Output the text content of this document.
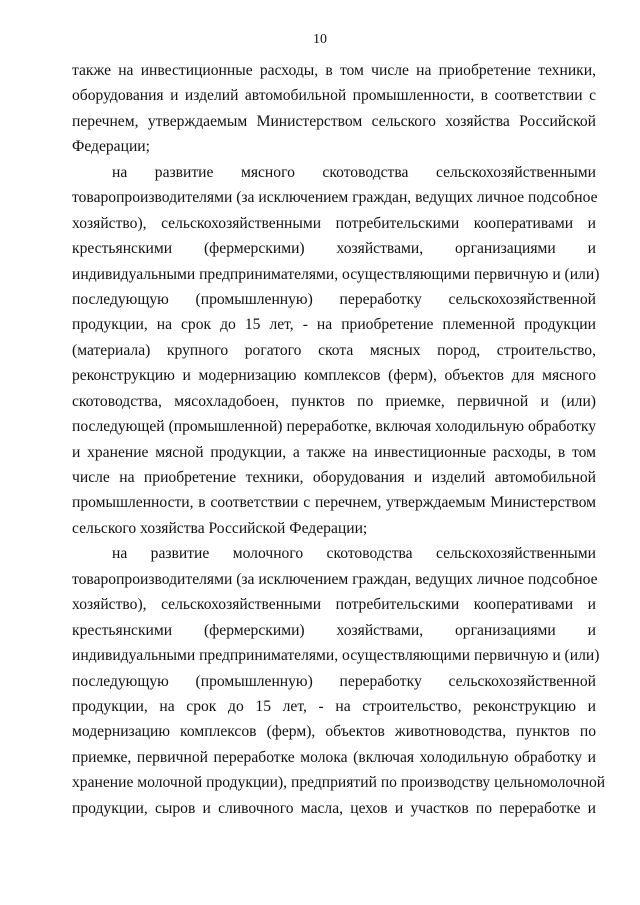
10
также на инвестиционные расходы, в том числе на приобретение техники,
оборудования и изделий автомобильной промышленности, в соответствии с
перечнем, утверждаемым Министерством сельского хозяйства Российской
Федерации;
на развитие мясного скотоводства сельскохозяйственными
товаропроизводителями (за исключением граждан, ведущих личное подсобное
хозяйство), сельскохозяйственными потребительскими кооперативами и
крестьянскими (фермерскими) хозяйствами, организациями и
индивидуальными предпринимателями, осуществляющими первичную и (или)
последующую (промышленную) переработку сельскохозяйственной
продукции, на срок до 15 лет, - на приобретение племенной продукции
(материала) крупного рогатого скота мясных пород, строительство,
реконструкцию и модернизацию комплексов (ферм), объектов для мясного
скотоводства, мясохладобоен, пунктов по приемке, первичной и (или)
последующей (промышленной) переработке, включая холодильную обработку
и хранение мясной продукции, а также на инвестиционные расходы, в том
числе на приобретение техники, оборудования и изделий автомобильной
промышленности, в соответствии с перечнем, утверждаемым Министерством
сельского хозяйства Российской Федерации;
на развитие молочного скотоводства сельскохозяйственными
товаропроизводителями (за исключением граждан, ведущих личное подсобное
хозяйство), сельскохозяйственными потребительскими кооперативами и
крестьянскими (фермерскими) хозяйствами, организациями и
индивидуальными предпринимателями, осуществляющими первичную и (или)
последующую (промышленную) переработку сельскохозяйственной
продукции, на срок до 15 лет, - на строительство, реконструкцию и
модернизацию комплексов (ферм), объектов животноводства, пунктов по
приемке, первичной переработке молока (включая холодильную обработку и
хранение молочной продукции), предприятий по производству цельномолочной
продукции, сыров и сливочного масла, цехов и участков по переработке и
